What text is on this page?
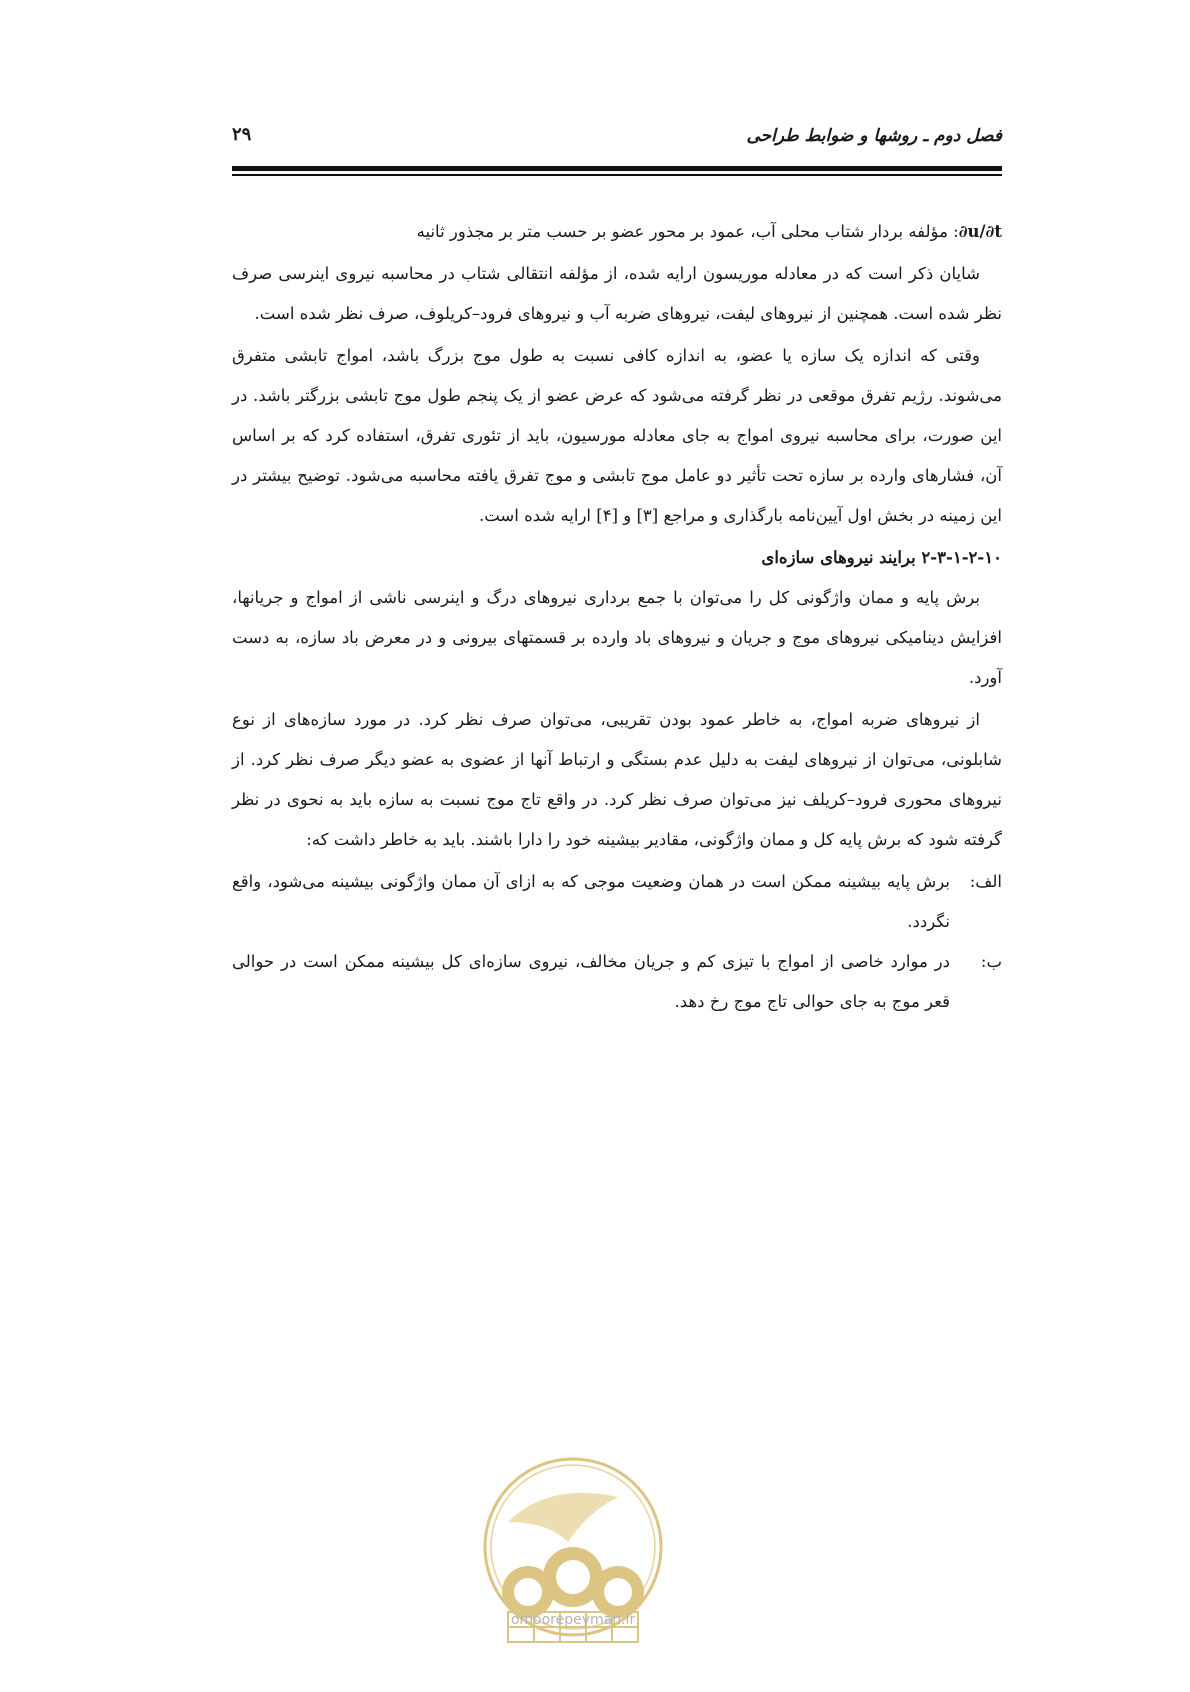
فصل دوم ـ روشها و ضوابط طراحی
۲۹

∂u/∂t: مؤلفه بردار شتاب محلی آب، عمود بر محور عضو بر حسب متر بر مجذور ثانیه

شایان ذکر است که در معادله موریسون ارایه شده، از مؤلفه انتقالی شتاب در محاسبه نیروی اینرسی صرف نظر شده است. همچنین از نیروهای لیفت، نیروهای ضربه آب و نیروهای فرود–کریلوف، صرف نظر شده است.

وقتی که اندازه یک سازه یا عضو، به اندازه کافی نسبت به طول موج بزرگ باشد، امواج تابشی متفرق می‌شوند. رژیم تفرق موقعی در نظر گرفته می‌شود که عرض عضو از یک پنجم طول موج تابشی بزرگتر باشد. در این صورت، برای محاسبه نیروی امواج به جای معادله مورسیون، باید از تئوری تفرق، استفاده کرد که بر اساس آن، فشارهای وارده بر سازه تحت تأثیر دو عامل موج تابشی و موج تفرق یافته محاسبه می‌شود. توضیح بیشتر در این زمینه در بخش اول آیین‌نامه بارگذاری و مراجع [۳] و [۴] ارایه شده است.

۲-۳-۱-۲-۱۰ برایند نیروهای سازه‌ای

برش پایه و ممان واژگونی کل را می‌توان با جمع برداری نیروهای درگ و اینرسی ناشی از امواج و جریانها، افزایش دینامیکی نیروهای موج و جریان و نیروهای باد وارده بر قسمتهای بیرونی و در معرض باد سازه، به دست آورد.

از نیروهای ضربه امواج، به خاطر عمود بودن تقریبی، می‌توان صرف نظر کرد. در مورد سازه‌های از نوع شابلونی، می‌توان از نیروهای لیفت به دلیل عدم بستگی و ارتباط آنها از عضوی به عضو دیگر صرف نظر کرد. از نیروهای محوری فرود–کریلف نیز می‌توان صرف نظر کرد. در واقع تاج موج نسبت به سازه باید به نحوی در نظر گرفته شود که برش پایه کل و ممان واژگونی، مقادیر بیشینه خود را دارا باشند. باید به خاطر داشت که:

الف:
برش پایه بیشینه ممکن است در همان وضعیت موجی که به ازای آن ممان واژگونی بیشینه می‌شود، واقع نگردد.
ب:
در موارد خاصی از امواج با تیزی کم و جریان مخالف، نیروی سازه‌ای کل بیشینه ممکن است در حوالی قعر موج به جای حوالی تاج موج رخ دهد.
omoorepeyman.ir
